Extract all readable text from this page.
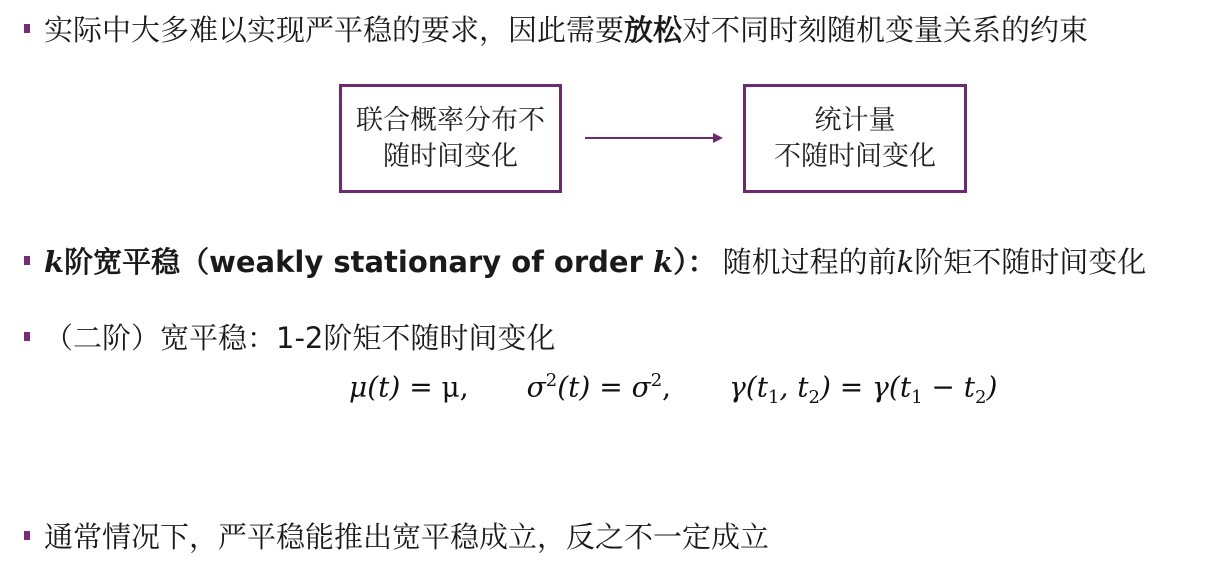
实际中大多难以实现严平稳的要求，因此需要 放松 对不同时刻随机变量关系的约束
联合概率分布不
随时间变化
统计量
不随时间变化
k阶宽平稳（weakly stationary of order k）： 随机过程的前k阶矩不随时间变化
（二阶）宽平稳：1-2阶矩不随时间变化
μ(t) = μ, $\sigma^2(t) = \sigma^2$, $\gamma(t_1$, $t_2) = \gamma(t_1 - t_2)$
通常情况下，严平稳能推出宽平稳成立，反之不一定成立
